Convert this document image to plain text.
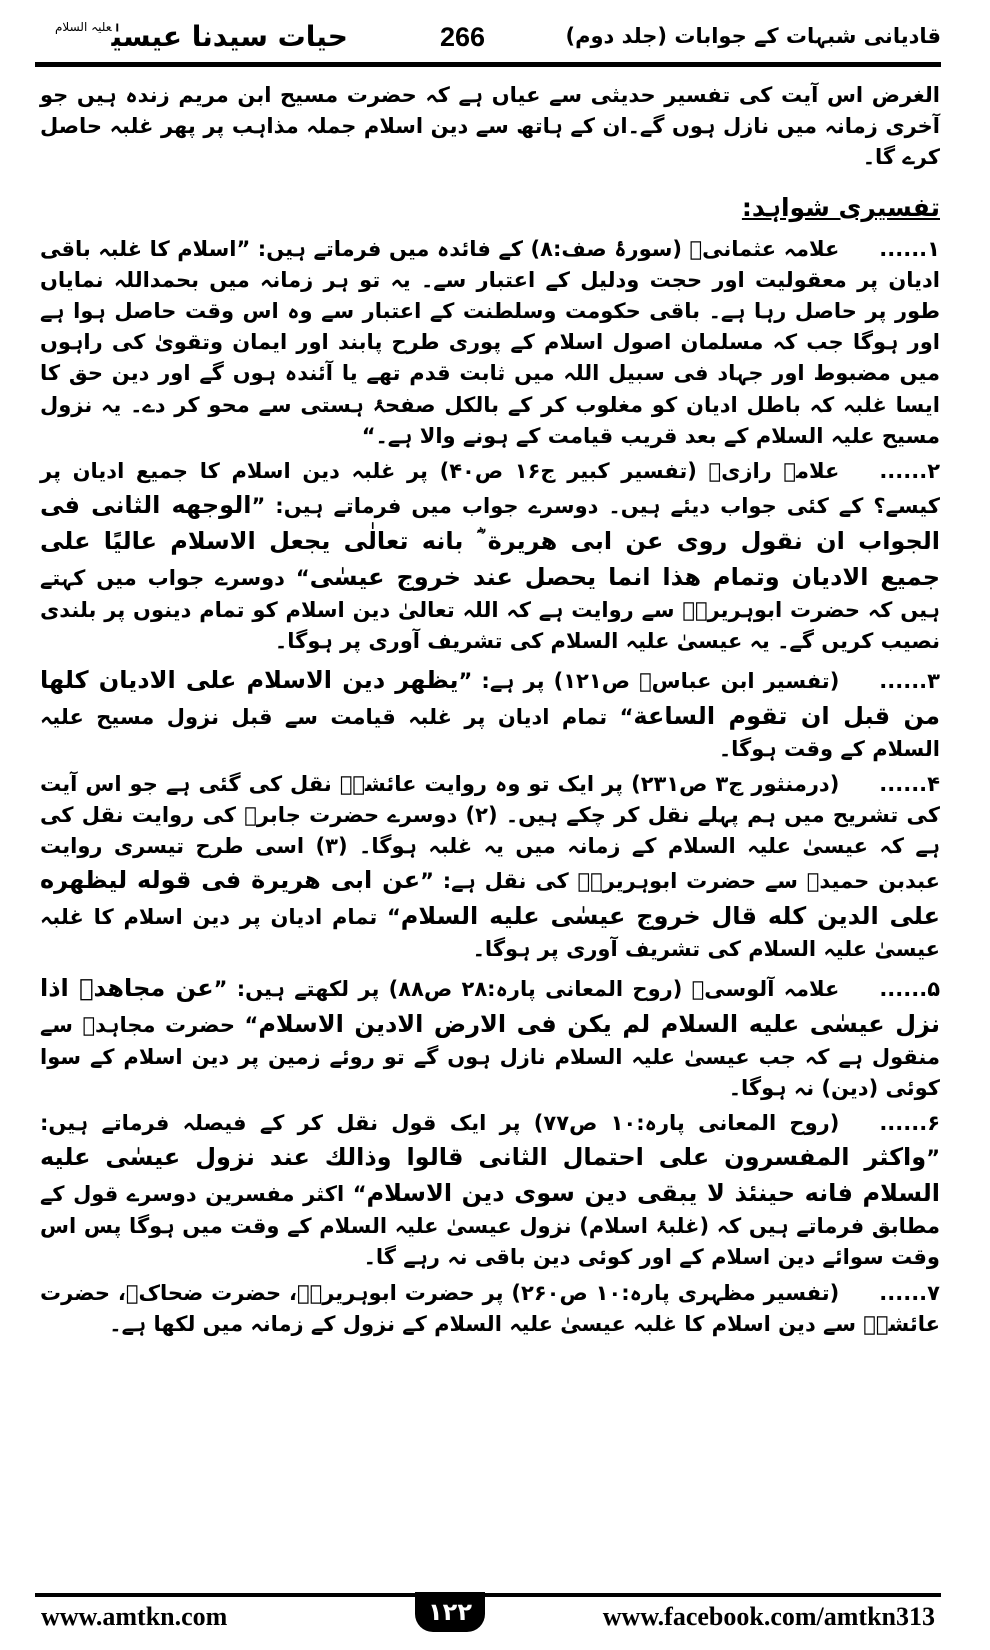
قادیانی شبہات کے جوابات (جلد دوم)
266
حیات سیدنا عیسیٰ$^{علیہ السلام}$

الغرض اس آیت کی تفسیر حدیثی سے عیاں ہے کہ حضرت مسیح ابن مریم زندہ ہیں جو آخری زمانہ میں نازل ہوں گے۔ان کے ہاتھ سے دین اسلام جملہ مذاہب پر پھر غلبہ حاصل کرے گا۔

تفسیری شواہد:

۱......علامہ عثمانیؒ (سورۂ صف:۸) کے فائدہ میں فرماتے ہیں: ”اسلام کا غلبہ باقی ادیان پر معقولیت اور حجت ودلیل کے اعتبار سے۔ یہ تو ہر زمانہ میں بحمداللہ نمایاں طور پر حاصل رہا ہے۔ باقی حکومت وسلطنت کے اعتبار سے وہ اس وقت حاصل ہوا ہے اور ہوگا جب کہ مسلمان اصول اسلام کے پوری طرح پابند اور ایمان وتقویٰ کی راہوں میں مضبوط اور جہاد فی سبیل اللہ میں ثابت قدم تھے یا آئندہ ہوں گے اور دین حق کا ایسا غلبہ کہ باطل ادیان کو مغلوب کر کے بالکل صفحۂ ہستی سے محو کر دے۔ یہ نزول مسیح علیہ السلام کے بعد قریب قیامت کے ہونے والا ہے۔“

۲......علامہ رازیؒ (تفسیر کبیر ج۱۶ ص۴۰) پر غلبہ دین اسلام کا جمیع ادیان پر کیسے؟ کے کئی جواب دیئے ہیں۔ دوسرے جواب میں فرماتے ہیں: ”الوجهه الثانی فی الجواب ان نقول روی عن ابی هریرة ؓ بانه تعالٰی یجعل الاسلام عالیًا علی جمیع الادیان وتمام هذا انما یحصل عند خروج عیسٰی“ دوسرے جواب میں کہتے ہیں کہ حضرت ابوہریرہؓ سے روایت ہے کہ اللہ تعالیٰ دین اسلام کو تمام دینوں پر بلندی نصیب کریں گے۔ یہ عیسیٰ علیہ السلام کی تشریف آوری پر ہوگا۔

۳......(تفسیر ابن عباسؓ ص۱۲۱) پر ہے: ”یظهر دین الاسلام علی الادیان کلها من قبل ان تقوم الساعة“ تمام ادیان پر غلبہ قیامت سے قبل نزول مسیح علیہ السلام کے وقت ہوگا۔

۴......(درمنثور ج۳ ص۲۳۱) پر ایک تو وہ روایت عائشہؓ نقل کی گئی ہے جو اس آیت کی تشریح میں ہم پہلے نقل کر چکے ہیں۔ (۲) دوسرے حضرت جابرؓ کی روایت نقل کی ہے کہ عیسیٰ علیہ السلام کے زمانہ میں یہ غلبہ ہوگا۔ (۳) اسی طرح تیسری روایت عبدبن حمیدؒ سے حضرت ابوہریرہؓ کی نقل ہے: ”عن ابی هریرة فی قوله لیظهره علی الدین کله قال خروج عیسٰی علیه السلام“ تمام ادیان پر دین اسلام کا غلبہ عیسیٰ علیہ السلام کی تشریف آوری پر ہوگا۔

۵......علامہ آلوسیؒ (روح المعانی پارہ:۲۸ ص۸۸) پر لکھتے ہیں: ”عن مجاهدؒ اذا نزل عیسٰی علیه السلام لم یکن فی الارض الادین الاسلام“ حضرت مجاہدؒ سے منقول ہے کہ جب عیسیٰ علیہ السلام نازل ہوں گے تو روئے زمین پر دین اسلام کے سوا کوئی (دین) نہ ہوگا۔

۶......(روح المعانی پارہ:۱۰ ص۷۷) پر ایک قول نقل کر کے فیصلہ فرماتے ہیں: ”واکثر المفسرون علی احتمال الثانی قالوا وذالك عند نزول عیسٰی علیه السلام فانه حینئذ لا یبقی دین سوی دین الاسلام“ اکثر مفسرین دوسرے قول کے مطابق فرماتے ہیں کہ (غلبۂ اسلام) نزول عیسیٰ علیہ السلام کے وقت میں ہوگا پس اس وقت سوائے دین اسلام کے اور کوئی دین باقی نہ رہے گا۔

۷......(تفسیر مظہری پارہ:۱۰ ص۲۶۰) پر حضرت ابوہریرہؓ، حضرت ضحاکؓ، حضرت عائشہؓ سے دین اسلام کا غلبہ عیسیٰ علیہ السلام کے نزول کے زمانہ میں لکھا ہے۔

www.amtkn.com	۱۲۲	www.facebook.com/amtkn313
